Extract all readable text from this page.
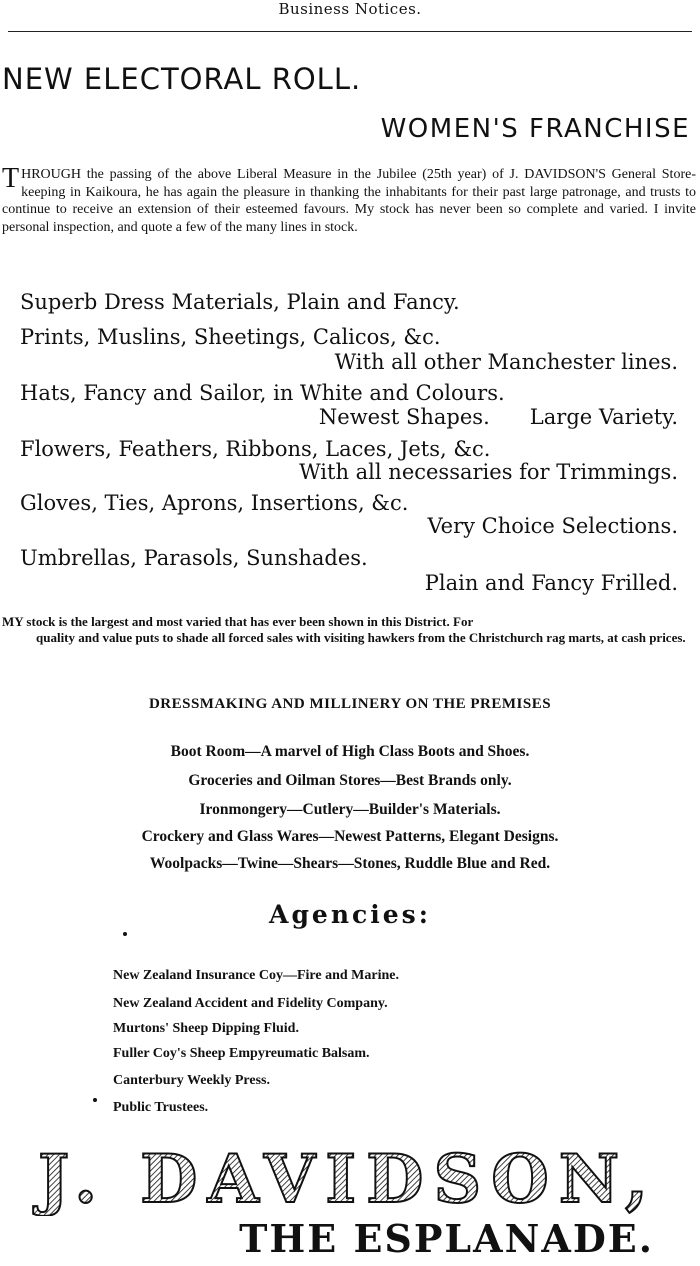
Business Notices.
NEW ELECTORAL ROLL.
WOMEN'S FRANCHISE
THROUGH the passing of the above Liberal Measure in the Jubilee (25th year) of J. DAVIDSON'S General Store-keeping in Kaikoura, he has again the pleasure in thanking the inhabitants for their past large patronage, and trusts to continue to receive an extension of their esteemed favours. My stock has never been so complete and varied. I invite personal inspection, and quote a few of the many lines in stock.
Superb Dress Materials, Plain and Fancy.
Prints, Muslins, Sheetings, Calicos, &c.
With all other Manchester lines.
Hats, Fancy and Sailor, in White and Colours.
Newest Shapes.      Large Variety.
Flowers, Feathers, Ribbons, Laces, Jets, &c.
With all necessaries for Trimmings.
Gloves, Ties, Aprons, Insertions, &c.
Very Choice Selections.
Umbrellas, Parasols, Sunshades.
Plain and Fancy Frilled.
MY stock is the largest and most varied that has ever been shown in this District. For
quality and value puts to shade all forced sales with visiting hawkers from the Christchurch rag marts, at cash prices.
DRESSMAKING AND MILLINERY ON THE PREMISES
Boot Room—A marvel of High Class Boots and Shoes.
Groceries and Oilman Stores—Best Brands only.
Ironmongery—Cutlery—Builder's Materials.
Crockery and Glass Wares—Newest Patterns, Elegant Designs.
Woolpacks—Twine—Shears—Stones, Ruddle Blue and Red.
Agencies:
New Zealand Insurance Coy—Fire and Marine.
New Zealand Accident and Fidelity Company.
Murtons' Sheep Dipping Fluid.
Fuller Coy's Sheep Empyreumatic Balsam.
Canterbury Weekly Press.
Public Trustees.
J. DAVIDSON,
THE ESPLANADE.
